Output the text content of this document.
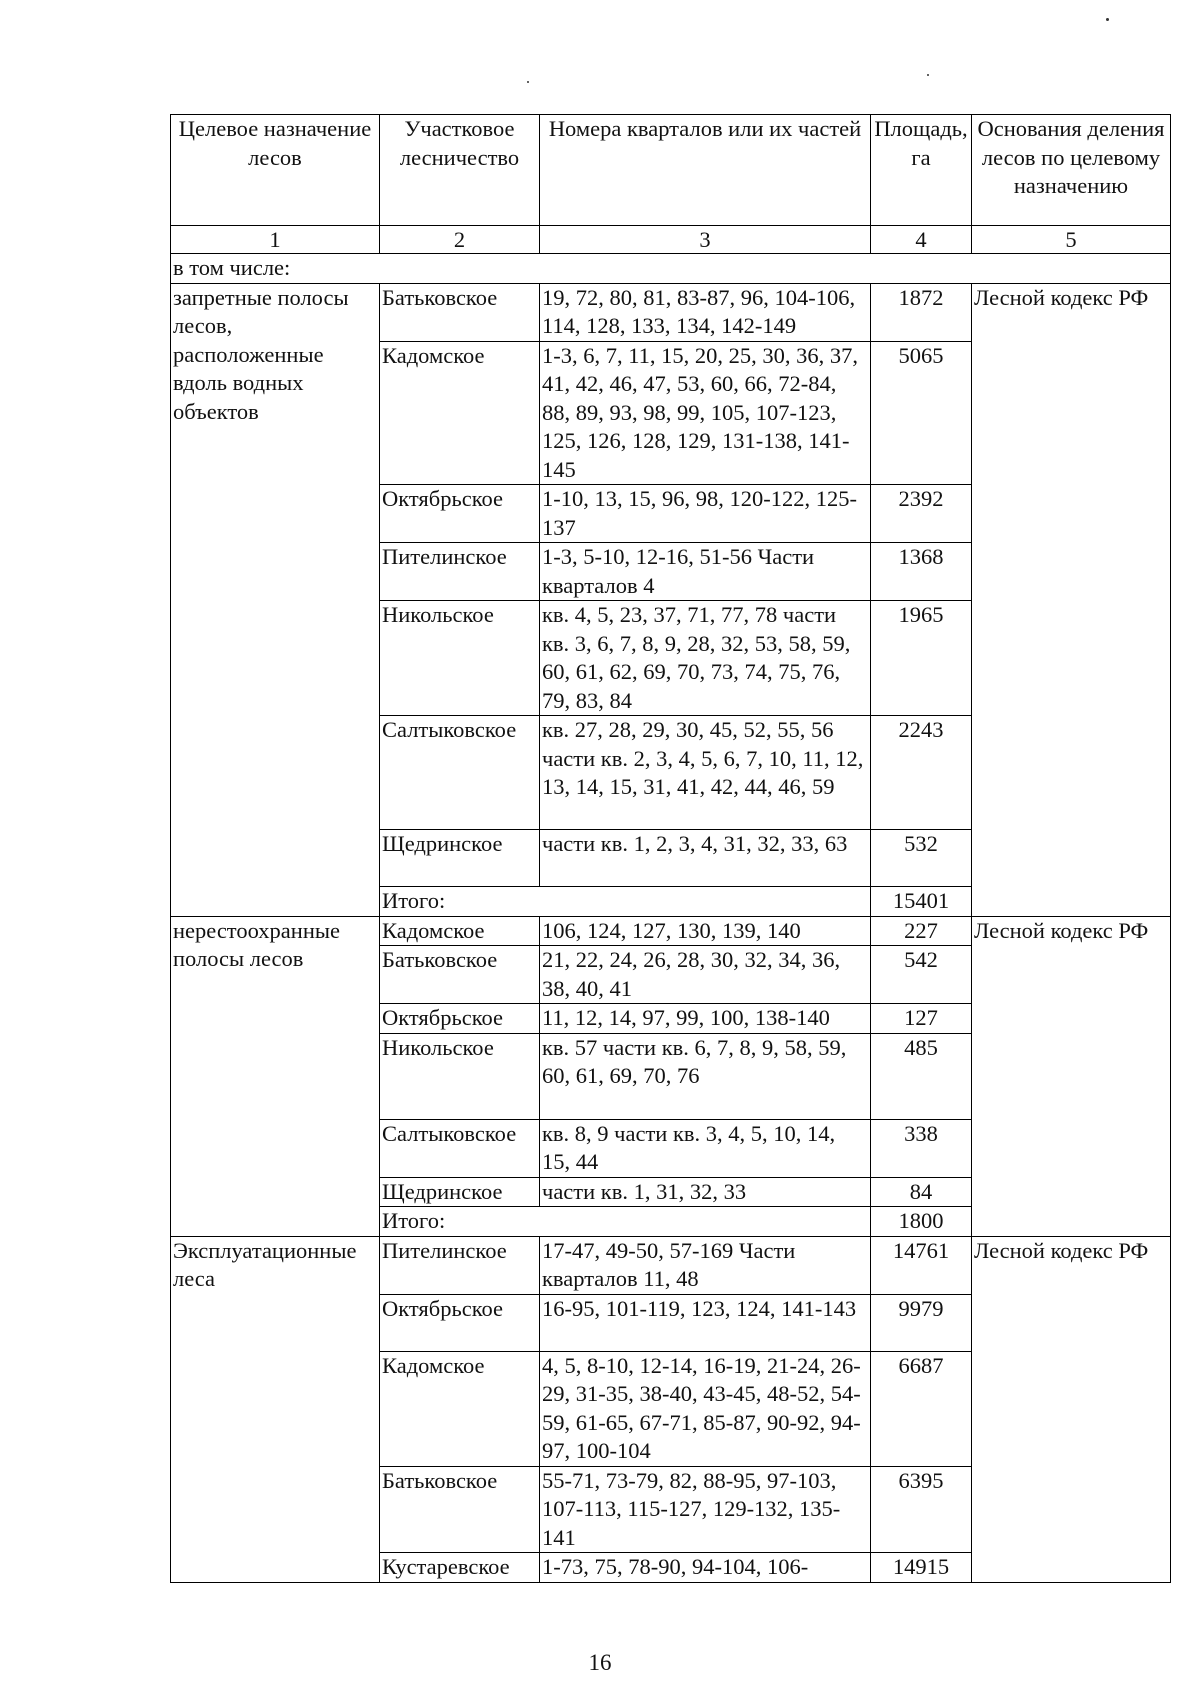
Целевое назначение лесов	Участковое лесничество	Номера кварталов или их частей	Площадь, га	Основания деления лесов по целевому назначению
1	2	3	4	5
в том числе:				
запретные полосы лесов, расположенные вдоль водных объектов	Батьковское	19, 72, 80, 81, 83-87, 96, 104-106, 114, 128, 133, 134, 142-149	1872	Лесной кодекс РФ
	Кадомское	1-3, 6, 7, 11, 15, 20, 25, 30, 36, 37, 41, 42, 46, 47, 53, 60, 66, 72-84, 88, 89, 93, 98, 99, 105, 107-123, 125, 126, 128, 129, 131-138, 141-145	5065	
	Октябрьское	1-10, 13, 15, 96, 98, 120-122, 125-137	2392	
	Пителинское	1-3, 5-10, 12-16, 51-56 Части кварталов 4	1368	
	Никольское	кв. 4, 5, 23, 37, 71, 77, 78 части кв. 3, 6, 7, 8, 9, 28, 32, 53, 58, 59, 60, 61, 62, 69, 70, 73, 74, 75, 76, 79, 83, 84	1965	
	Салтыковское	кв. 27, 28, 29, 30, 45, 52, 55, 56 части кв. 2, 3, 4, 5, 6, 7, 10, 11, 12, 13, 14, 15, 31, 41, 42, 44, 46, 59	2243	
	Щедринское	части кв. 1, 2, 3, 4, 31, 32, 33, 63	532	
	Итого:		15401	
нерестоохранные полосы лесов	Кадомское	106, 124, 127, 130, 139, 140	227	Лесной кодекс РФ
	Батьковское	21, 22, 24, 26, 28, 30, 32, 34, 36, 38, 40, 41	542	
	Октябрьское	11, 12, 14, 97, 99, 100, 138-140	127	
	Никольское	кв. 57 части кв. 6, 7, 8, 9, 58, 59, 60, 61, 69, 70, 76	485	
	Салтыковское	кв. 8, 9 части кв. 3, 4, 5, 10, 14, 15, 44	338	
	Щедринское	части кв. 1, 31, 32, 33	84	
	Итого:		1800	
Эксплуатационные леса	Пителинское	17-47, 49-50, 57-169 Части кварталов 11, 48	14761	Лесной кодекс РФ
	Октябрьское	16-95, 101-119, 123, 124, 141-143	9979	
	Кадомское	4, 5, 8-10, 12-14, 16-19, 21-24, 26-29, 31-35, 38-40, 43-45, 48-52, 54-59, 61-65, 67-71, 85-87, 90-92, 94-97, 100-104	6687	
	Батьковское	55-71, 73-79, 82, 88-95, 97-103, 107-113, 115-127, 129-132, 135-141	6395	
	Кустаревское	1-73, 75, 78-90, 94-104, 106-	14915	
16
